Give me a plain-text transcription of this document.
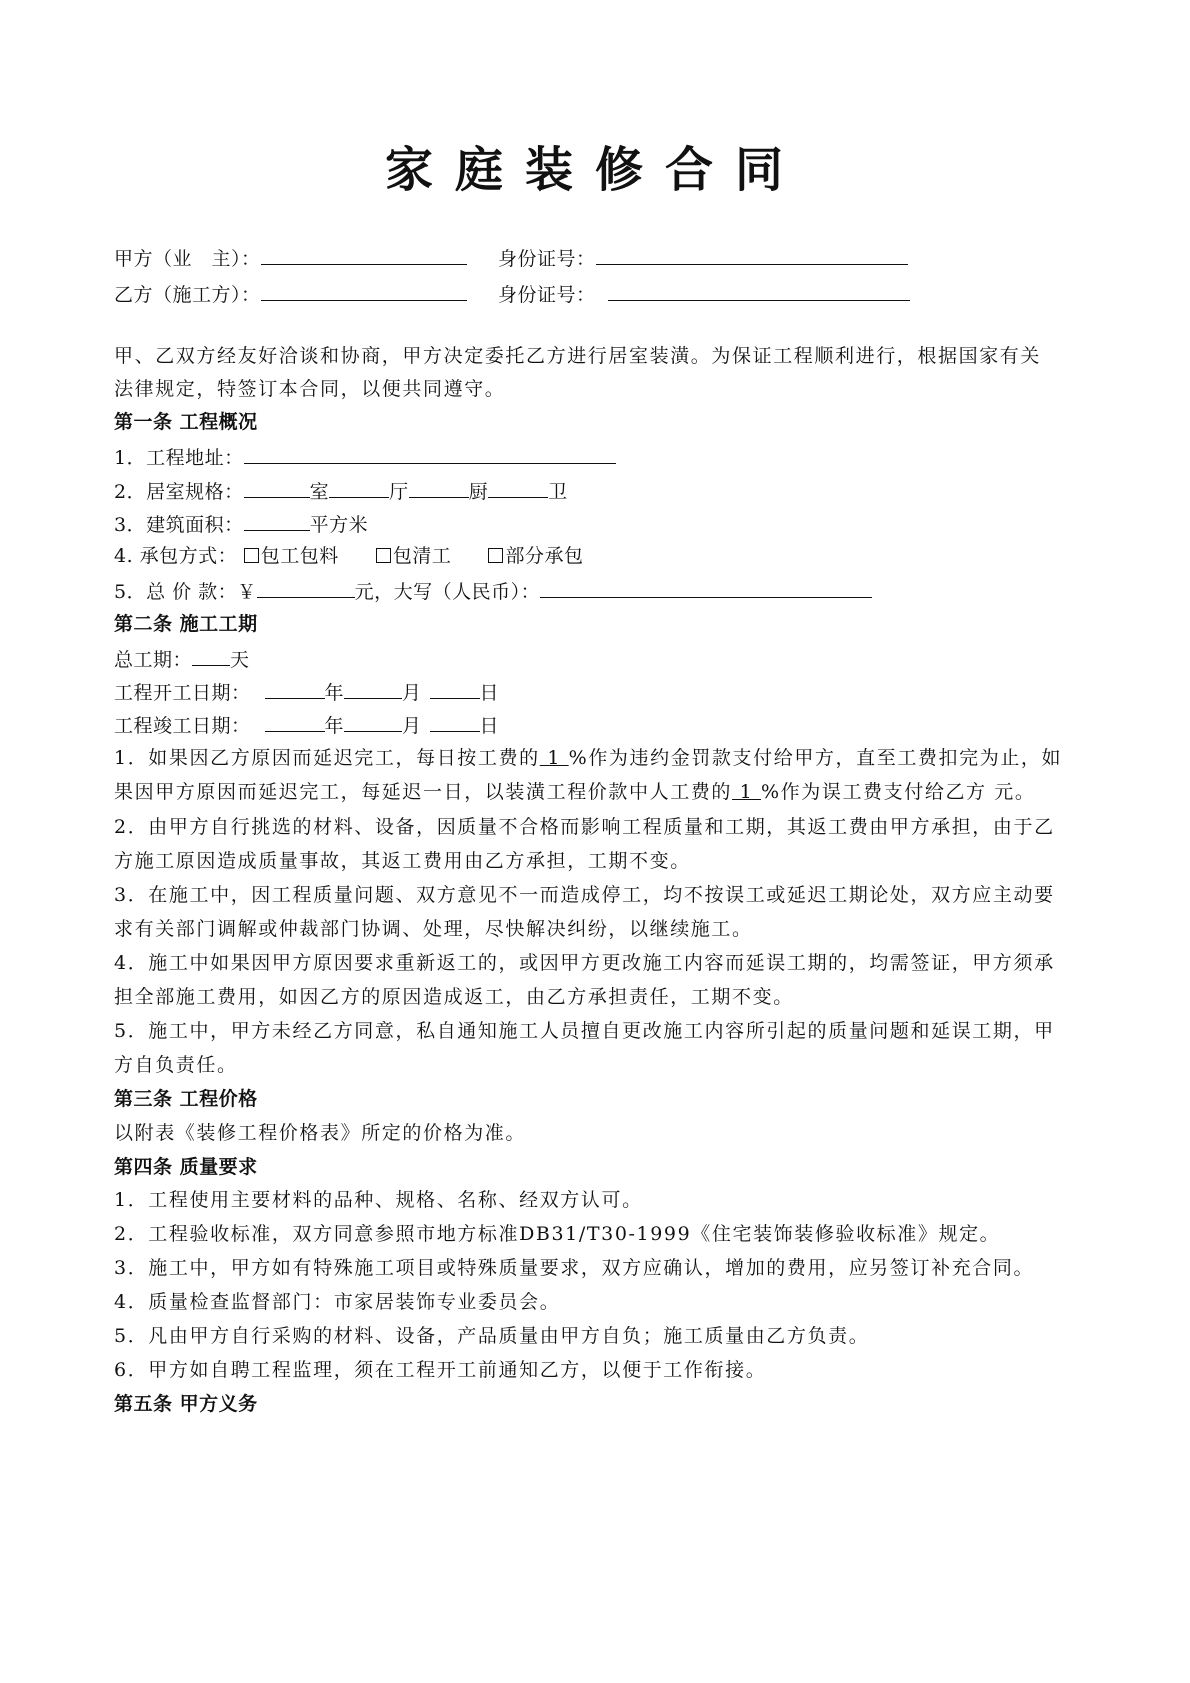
家庭装修合同
甲方（业　主）：	身份证号：
乙方（施工方）：	身份证号：
甲、乙双方经友好洽谈和协商，甲方决定委托乙方进行居室装潢。为保证工程顺利进行，根据国家有关
法律规定，特签订本合同，以便共同遵守。
第一条 工程概况
1．工程地址：
2．居室规格：	室	厅	厨	卫
3．建筑面积：	平方米
4. 承包方式： 包工包料	包清工	部分承包
5．总 价 款：￥	元，大写（人民币）：
第二条 施工工期
总工期： 天
工程开工日期：	年	月	日
工程竣工日期：	年	月	日
1．如果因乙方原因而延迟完工，每日按工费的 1 %作为违约金罚款支付给甲方，直至工费扣完为止，如
果因甲方原因而延迟完工，每延迟一日，以装潢工程价款中人工费的 1 %作为误工费支付给乙方 元。
2．由甲方自行挑选的材料、设备，因质量不合格而影响工程质量和工期，其返工费由甲方承担，由于乙
方施工原因造成质量事故，其返工费用由乙方承担，工期不变。
3．在施工中，因工程质量问题、双方意见不一而造成停工，均不按误工或延迟工期论处，双方应主动要
求有关部门调解或仲裁部门协调、处理，尽快解决纠纷，以继续施工。
4．施工中如果因甲方原因要求重新返工的，或因甲方更改施工内容而延误工期的，均需签证，甲方须承
担全部施工费用，如因乙方的原因造成返工，由乙方承担责任，工期不变。
5．施工中，甲方未经乙方同意，私自通知施工人员擅自更改施工内容所引起的质量问题和延误工期，甲
方自负责任。
第三条 工程价格
以附表《装修工程价格表》所定的价格为准。
第四条 质量要求
1．工程使用主要材料的品种、规格、名称、经双方认可。
2．工程验收标准，双方同意参照市地方标准DB31/T30-1999《住宅装饰装修验收标准》规定。
3．施工中，甲方如有特殊施工项目或特殊质量要求，双方应确认，增加的费用，应另签订补充合同。
4．质量检查监督部门：市家居装饰专业委员会。
5．凡由甲方自行采购的材料、设备，产品质量由甲方自负；施工质量由乙方负责。
6．甲方如自聘工程监理，须在工程开工前通知乙方，以便于工作衔接。
第五条 甲方义务
